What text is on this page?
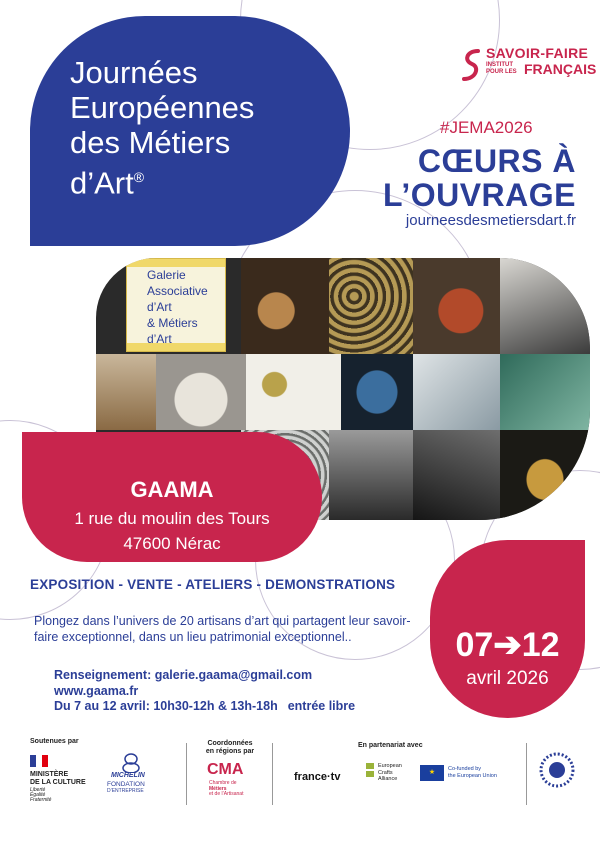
Journées
Européennes
des Métiers
d’Art®
SAVOIR-FAIRE
INSTITUT
POUR LES FRANÇAIS
#JEMA2026
CŒURS À
L’OUVRAGE
journeesdesmetiersdart.fr
Galerie
Associative
d’Art
& Métiers
d’Art
GAAMA
1 rue du moulin des Tours
47600 Nérac
07➔12
avril 2026
EXPOSITION - VENTE - ATELIERS - DEMONSTRATIONS
Plongez dans l’univers de 20 artisans d’art qui partagent leur savoir-faire exceptionnel, dans un lieu patrimonial exceptionnel..
Renseignement: galerie.gaama@gmail.com
www.gaama.fr
Du 7 au 12 avril: 10h30-12h & 13h-18h entrée libre
Soutenues par
MINISTÈRE
DE LA CULTURE
Liberté
Égalité
Fraternité
MICHELIN
FONDATION
D’ENTREPRISE
Coordonnées
en régions par
CMA
Chambre de
Métiers
et de l’Artisanat
En partenariat avec
france·tv
European
Crafts
Alliance
★	Co-funded by
the European Union
